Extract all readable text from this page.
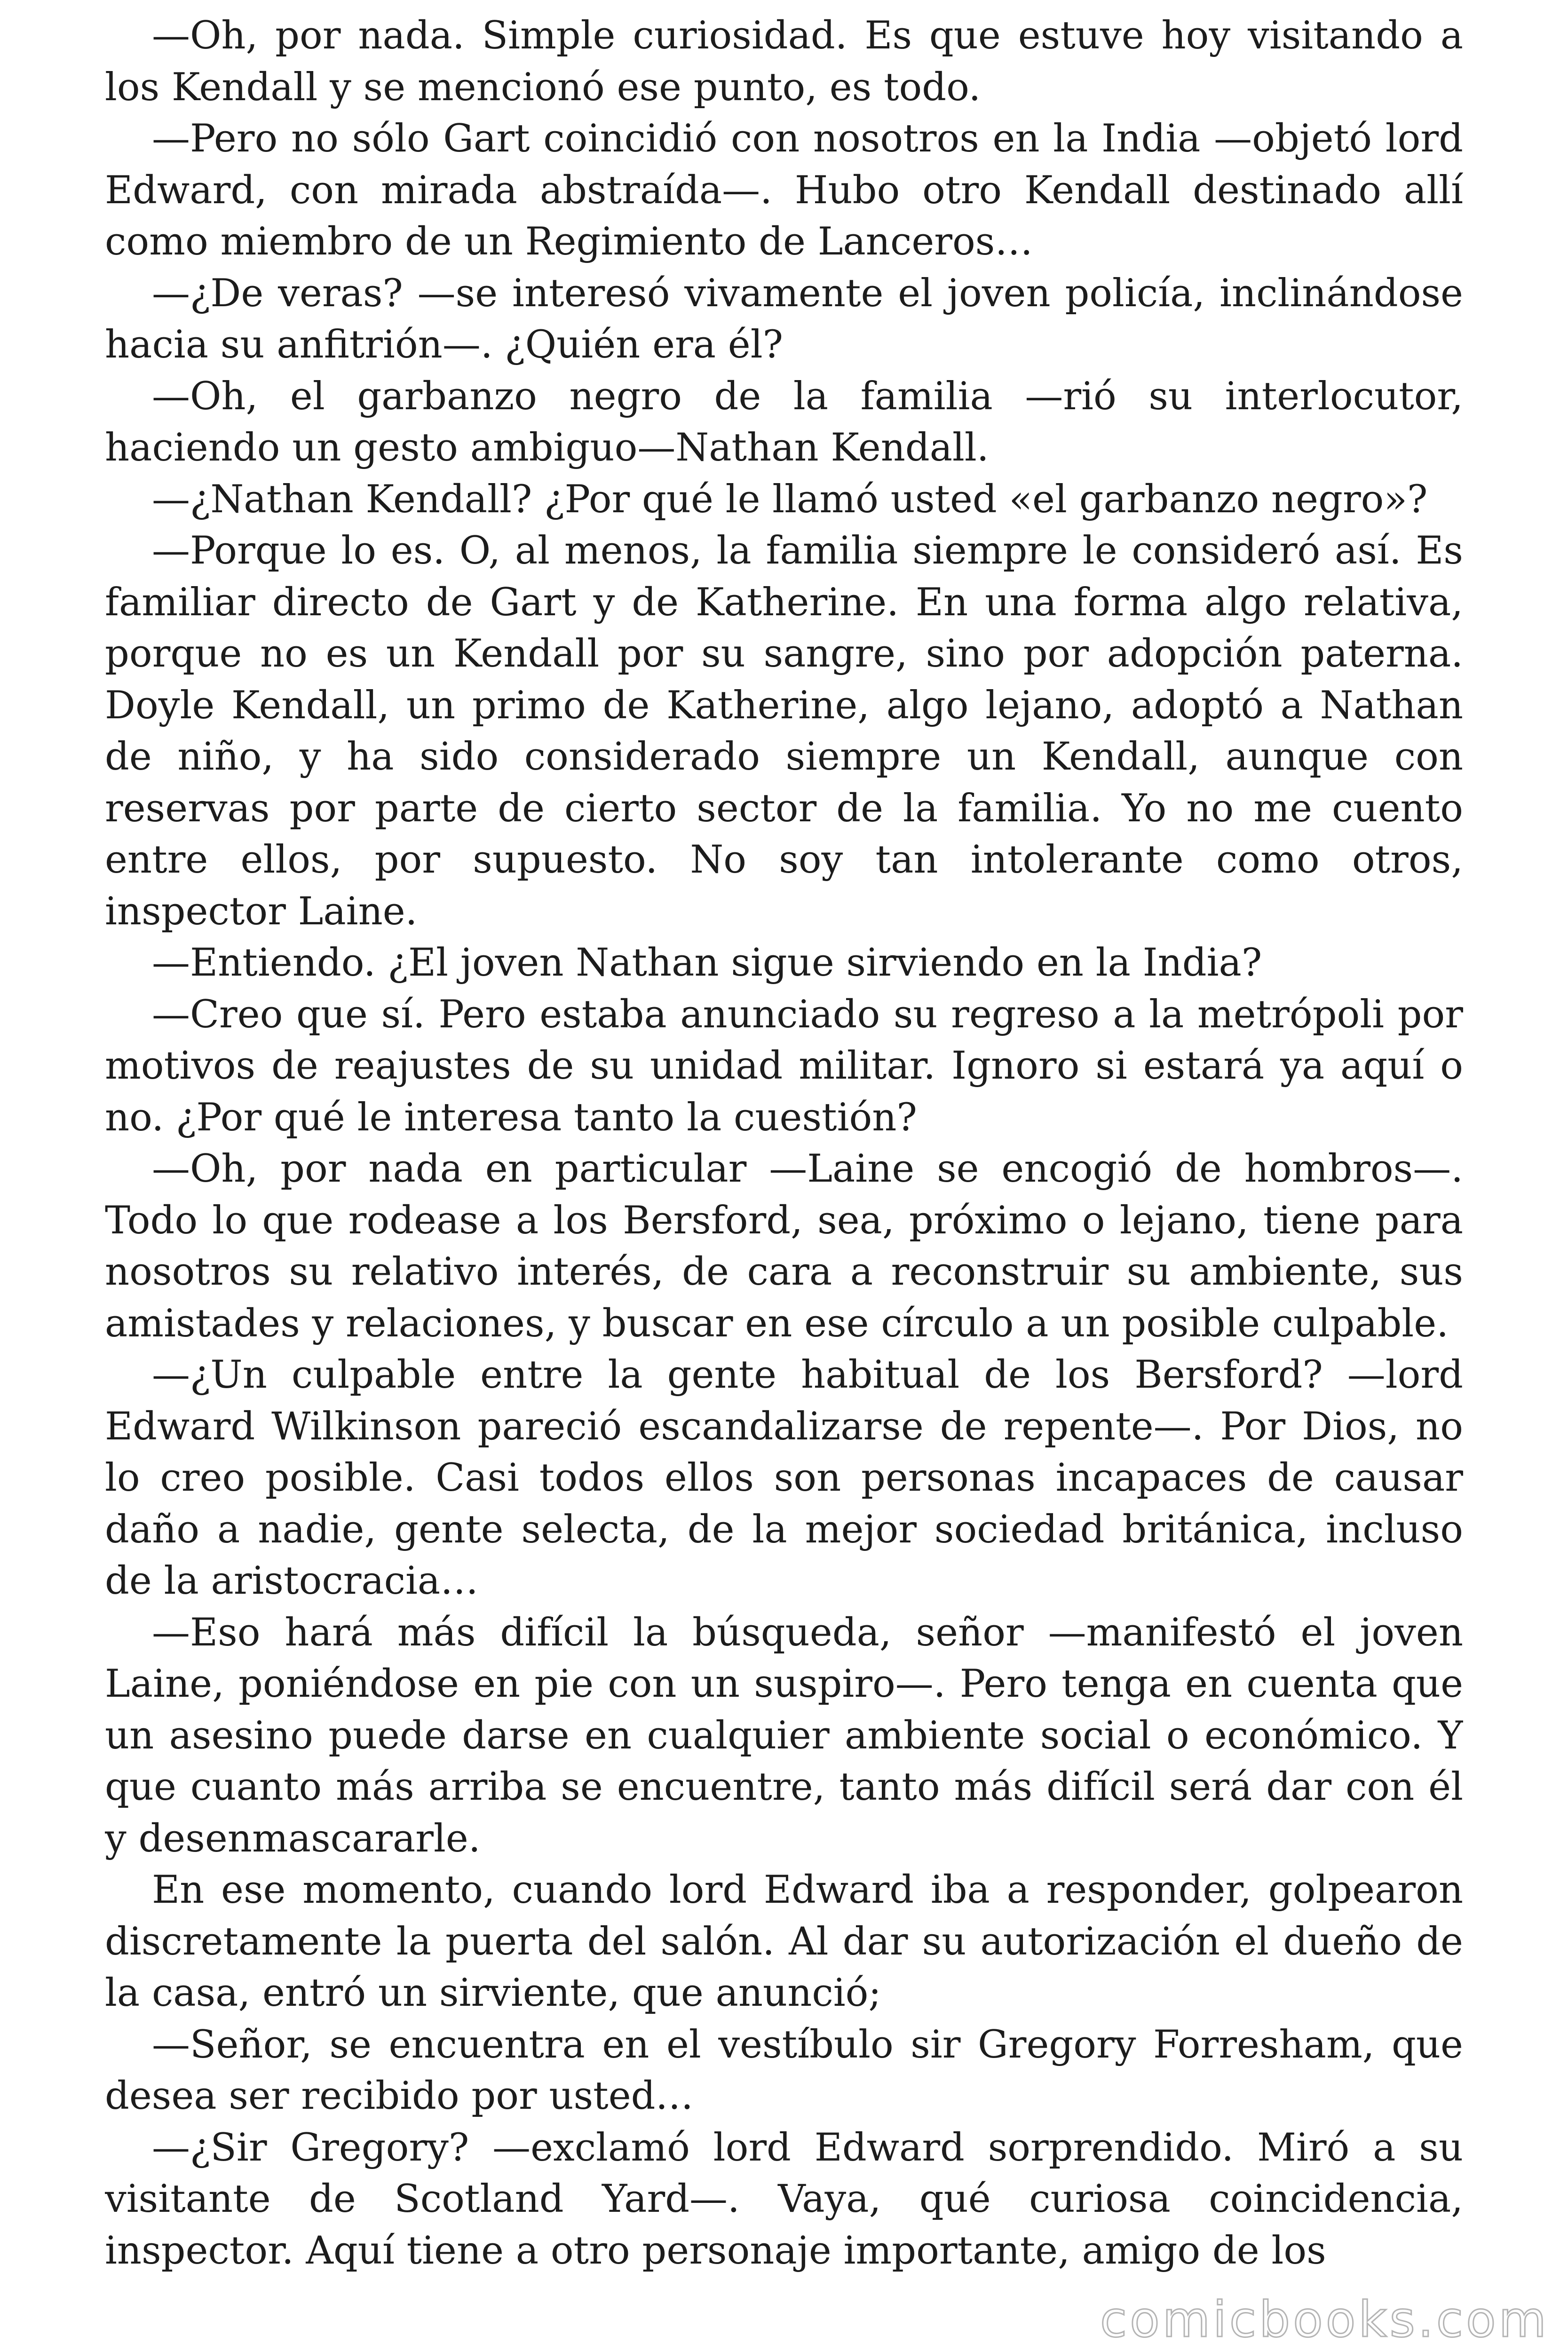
—Oh, por nada. Simple curiosidad. Es que estuve hoy visitando a los Kendall y se mencionó ese punto, es todo.

—Pero no sólo Gart coincidió con nosotros en la India —objetó lord Edward, con mirada abstraída—. Hubo otro Kendall destinado allí como miembro de un Regimiento de Lanceros…

—¿De veras? —se interesó vivamente el joven policía, inclinándose hacia su anfitrión—. ¿Quién era él?

—Oh, el garbanzo negro de la familia —rió su interlocutor, haciendo un gesto ambiguo—Nathan Kendall.

—¿Nathan Kendall? ¿Por qué le llamó usted «el garbanzo negro»?

—Porque lo es. O, al menos, la familia siempre le consideró así. Es familiar directo de Gart y de Katherine. En una forma algo relativa, porque no es un Kendall por su sangre, sino por adopción paterna. Doyle Kendall, un primo de Katherine, algo lejano, adoptó a Nathan de niño, y ha sido considerado siempre un Kendall, aunque con reservas por parte de cierto sector de la familia. Yo no me cuento entre ellos, por supuesto. No soy tan intolerante como otros, inspector Laine.

—Entiendo. ¿El joven Nathan sigue sirviendo en la India?

—Creo que sí. Pero estaba anunciado su regreso a la metrópoli por motivos de reajustes de su unidad militar. Ignoro si estará ya aquí o no. ¿Por qué le interesa tanto la cuestión?

—Oh, por nada en particular —Laine se encogió de hombros—. Todo lo que rodease a los Bersford, sea, próximo o lejano, tiene para nosotros su relativo interés, de cara a reconstruir su ambiente, sus amistades y relaciones, y buscar en ese círculo a un posible culpable.

—¿Un culpable entre la gente habitual de los Bersford? —lord Edward Wilkinson pareció escandalizarse de repente—. Por Dios, no lo creo posible. Casi todos ellos son personas incapaces de causar daño a nadie, gente selecta, de la mejor sociedad británica, incluso de la aristocracia…

—Eso hará más difícil la búsqueda, señor —manifestó el joven Laine, poniéndose en pie con un suspiro—. Pero tenga en cuenta que un asesino puede darse en cualquier ambiente social o económico. Y que cuanto más arriba se encuentre, tanto más difícil será dar con él y desenmascararle.

En ese momento, cuando lord Edward iba a responder, golpearon discretamente la puerta del salón. Al dar su autorización el dueño de la casa, entró un sirviente, que anunció;

—Señor, se encuentra en el vestíbulo sir Gregory Forresham, que desea ser recibido por usted…

—¿Sir Gregory? —exclamó lord Edward sorprendido. Miró a su visitante de Scotland Yard—. Vaya, qué curiosa coincidencia, inspector. Aquí tiene a otro personaje importante, amigo de los

comicbooks.com
